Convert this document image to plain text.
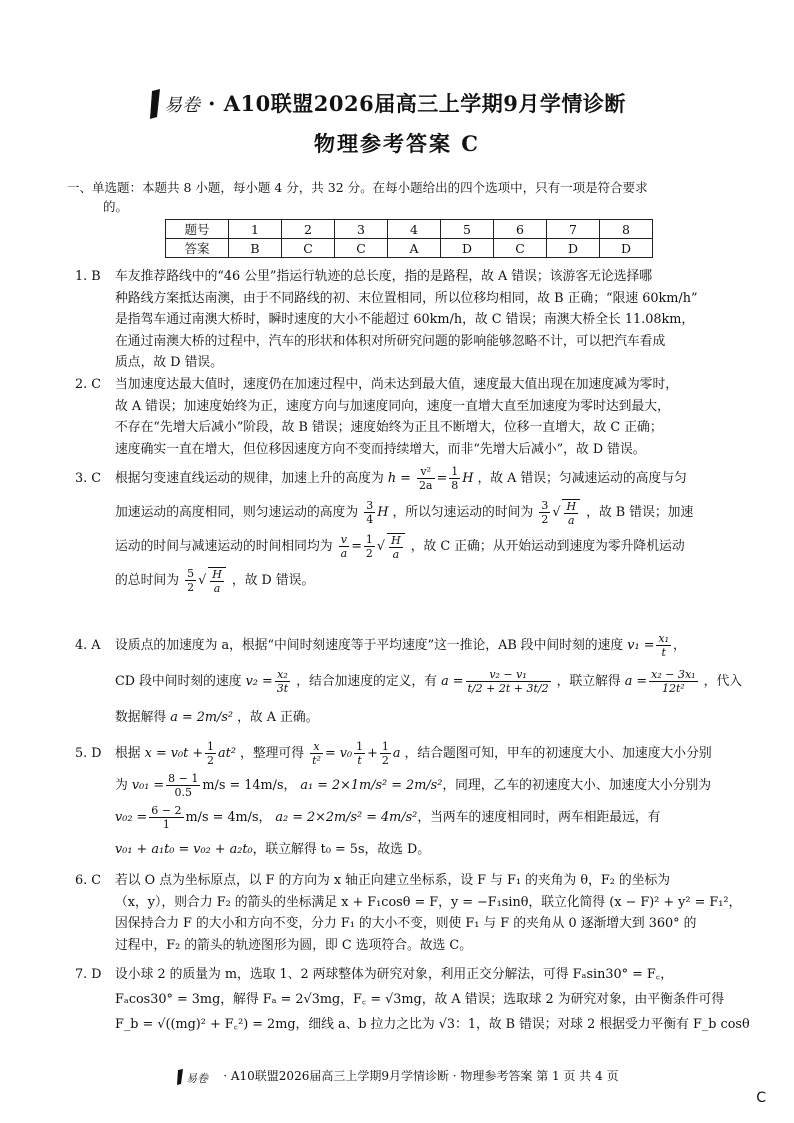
易卷 · A10联盟2026届高三上学期9月学情诊断
物理参考答案 C
一、单选题：本题共 8 小题，每小题 4 分，共 32 分。在每小题给出的四个选项中，只有一项是符合要求
的。
题号	1	2	3	4	5	6	7	8
答案	B	C	C	A	D	C	D	D
1. B 车友推荐路线中的“46 公里”指运行轨迹的总长度，指的是路程，故 A 错误；该游客无论选择哪
种路线方案抵达南澳，由于不同路线的初、末位置相同，所以位移均相同，故 B 正确；“限速 60km/h”
是指驾车通过南澳大桥时，瞬时速度的大小不能超过 60km/h，故 C 错误；南澳大桥全长 11.08km，
在通过南澳大桥的过程中，汽车的形状和体积对所研究问题的影响能够忽略不计，可以把汽车看成
质点，故 D 错误。
2. C 当加速度达最大值时，速度仍在加速过程中，尚未达到最大值，速度最大值出现在加速度减为零时，
故 A 错误；加速度始终为正，速度方向与加速度同向，速度一直增大直至加速度为零时达到最大，
不存在“先增大后减小”阶段，故 B 错误；速度始终为正且不断增大，位移一直增大，故 C 正确；
速度确实一直在增大，但位移因速度方向不变而持续增大，而非“先增大后减小”，故 D 错误。
3. C 根据匀变速直线运动的规律，加速上升的高度为 $h = \frac{\text{v²}}{2a} = \frac{1}{8}$ H ，故 A 错误；匀减速运动的高度与匀
加速运动的高度相同，则匀速运动的高度为 $\frac{3}{4}$ H ，所以匀速运动的时间为 $\frac{3}{2}$ √ $\frac{H}{a}$ ，故 B 错误；加速
运动的时间与减速运动的时间相同均为 $\frac{v}{a} = \frac{1}{2}$ √ $\frac{H}{a}$ ，故 C 正确；从开始运动到速度为零升降机运动
的总时间为 $\frac{5}{2}$ √ $\frac{H}{a}$ ，故 D 错误。
4. A 设质点的加速度为 a，根据“中间时刻速度等于平均速度”这一推论，AB 段中间时刻的速度 $v_1 = \frac{\text{x₁}}{t}$ ，
CD 段中间时刻的速度 $v_2 = \frac{\text{x₂}}{3t}$ ，结合加速度的定义，有 $a = \frac{\text{v₂ − v₁}}{t/2 + 2t + 3t/2}$ ，联立解得 $a = \frac{\text{x₂ − 3x₁}}{\text{12t²}}$ ，代入
数据解得 a = 2m/s² ，故 A 正确。
5. D 根据 $x = v_0t + \frac{1}{2} at^2$ ，整理可得 $\frac{x}{\text{t²}} = v_0 \frac{1}{t} + \frac{1}{2}$ a ，结合题图可知，甲车的初速度大小、加速度大小分别
为 $v_{01} = \frac{8 - 1}{0.5} m/s = 14m/s$， a₁ = 2×1m/s² = 2m/s²，同理，乙车的初速度大小、加速度大小分别为
$v_{02} = \frac{6 - 2}{1} m/s = 4m/s$， a₂ = 2×2m/s² = 4m/s²，当两车的速度相同时，两车相距最远，有
v₀₁ + a₁t₀ = v₀₂ + a₂t₀，联立解得 t₀ = 5s，故选 D。
6. C 若以 O 点为坐标原点，以 F 的方向为 x 轴正向建立坐标系，设 F 与 F₁ 的夹角为 θ，F₂ 的坐标为
（x，y），则合力 F₂ 的箭头的坐标满足 x + F₁cosθ = F，y = −F₁sinθ，联立化简得 (x − F)² + y² = F₁²，
因保持合力 F 的大小和方向不变，分力 F₁ 的大小不变，则使 F₁ 与 F 的夹角从 0 逐渐增大到 360° 的
过程中，F₂ 的箭头的轨迹图形为圆，即 C 选项符合。故选 C。
7. D 设小球 2 的质量为 m，选取 1、2 两球整体为研究对象，利用正交分解法，可得 Fₐsin30° = F꜀，
Fₐcos30° = 3mg，解得 Fₐ = 2√3mg，F꜀ = √3mg，故 A 错误；选取球 2 为研究对象，由平衡条件可得
F_b = √((mg)² + F꜀²) = 2mg，细线 a、b 拉力之比为 √3：1，故 B 错误；对球 2 根据受力平衡有 F_b cosθ
易卷 · A10联盟2026届高三上学期9月学情诊断 · 物理参考答案 第 1 页 共 4 页
C
